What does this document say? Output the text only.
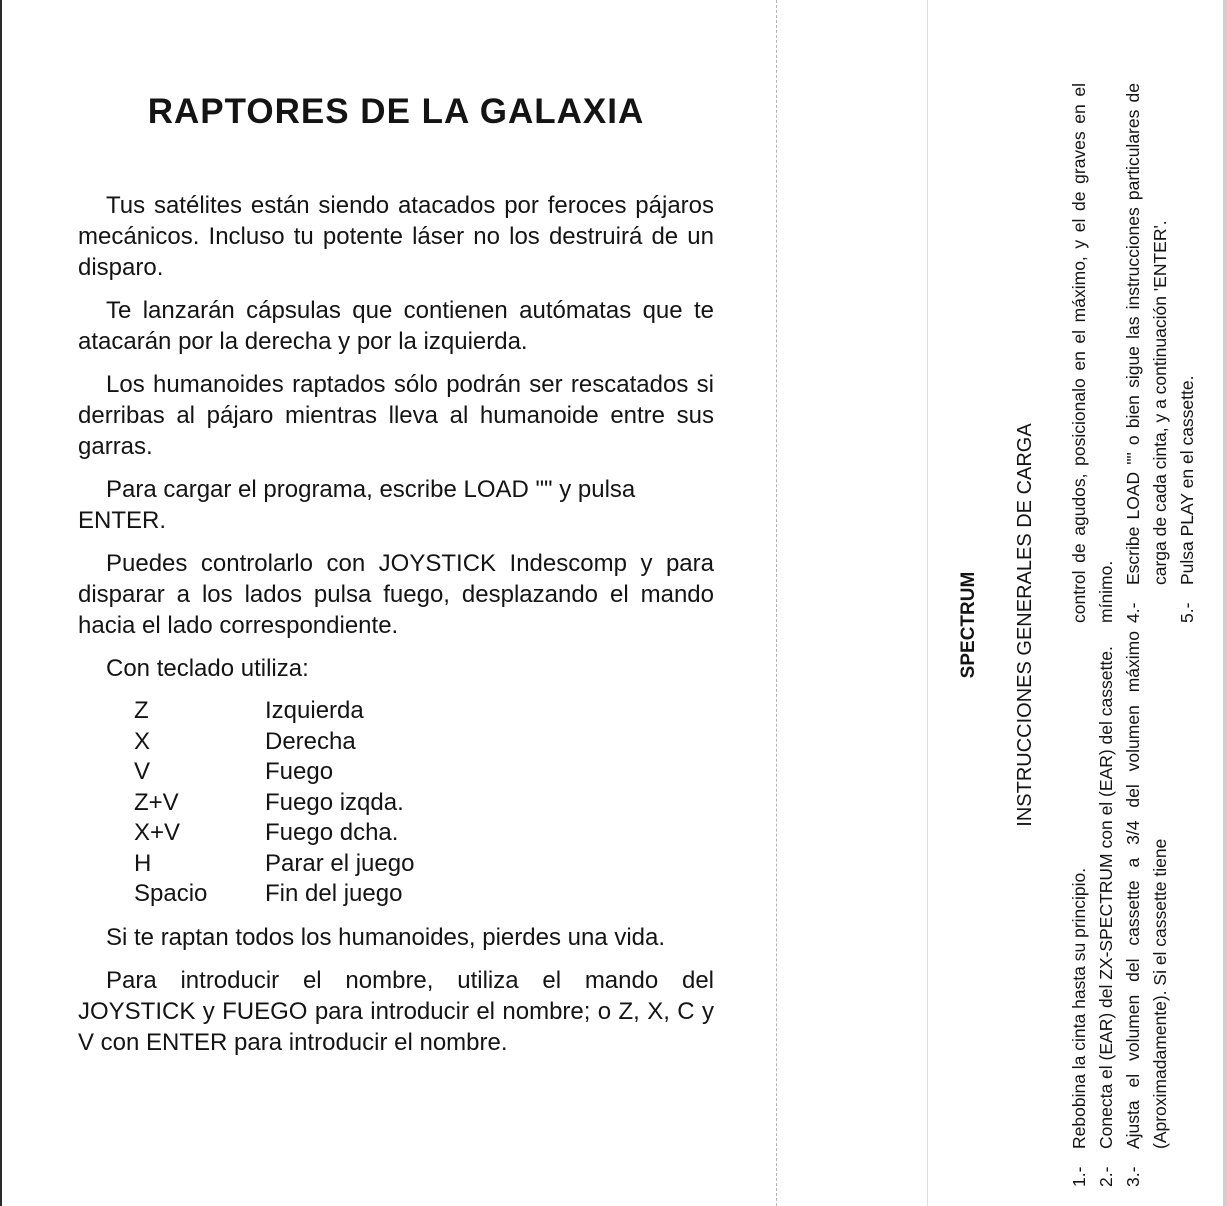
RAPTORES DE LA GALAXIA

Tus satélites están siendo atacados por feroces pájaros mecánicos. Incluso tu potente láser no los destruirá de un disparo.

Te lanzarán cápsulas que contienen autómatas que te atacarán por la derecha y por la izquierda.

Los humanoides raptados sólo podrán ser rescatados si derribas al pájaro mientras lleva al humanoide entre sus garras.

Para cargar el programa, escribe LOAD "" y pulsa ENTER.

Puedes controlarlo con JOYSTICK Indescomp y para disparar a los lados pulsa fuego, desplazando el mando hacia el lado correspondiente.

Con teclado utiliza:

Z	Izquierda
X	Derecha
V	Fuego
Z+V	Fuego izqda.
X+V	Fuego dcha.
H	Parar el juego
Spacio	Fin del juego

Si te raptan todos los humanoides, pierdes una vida.

Para introducir el nombre, utiliza el mando del JOYSTICK y FUEGO para introducir el nombre; o Z, X, C y V con ENTER para introducir el nombre.

SPECTRUM INSTRUCCIONES GENERALES DE CARGA
1.-
Rebobina la cinta hasta su principio.
2.-
Conecta el (EAR) del ZX-SPECTRUM con el (EAR) del cassette.
3.-
Ajusta el volumen del cassette a 3/4 del volumen máximo (Aproximadamente). Si el cassette tiene
control de agudos, posicionalo en el máximo, y el de graves en el mínimo. 4.-
Escribe LOAD "" o bien sigue las instrucciones particulares de carga de cada cinta, y a continuación 'ENTER'.
5.-
Pulsa PLAY en el cassette.
